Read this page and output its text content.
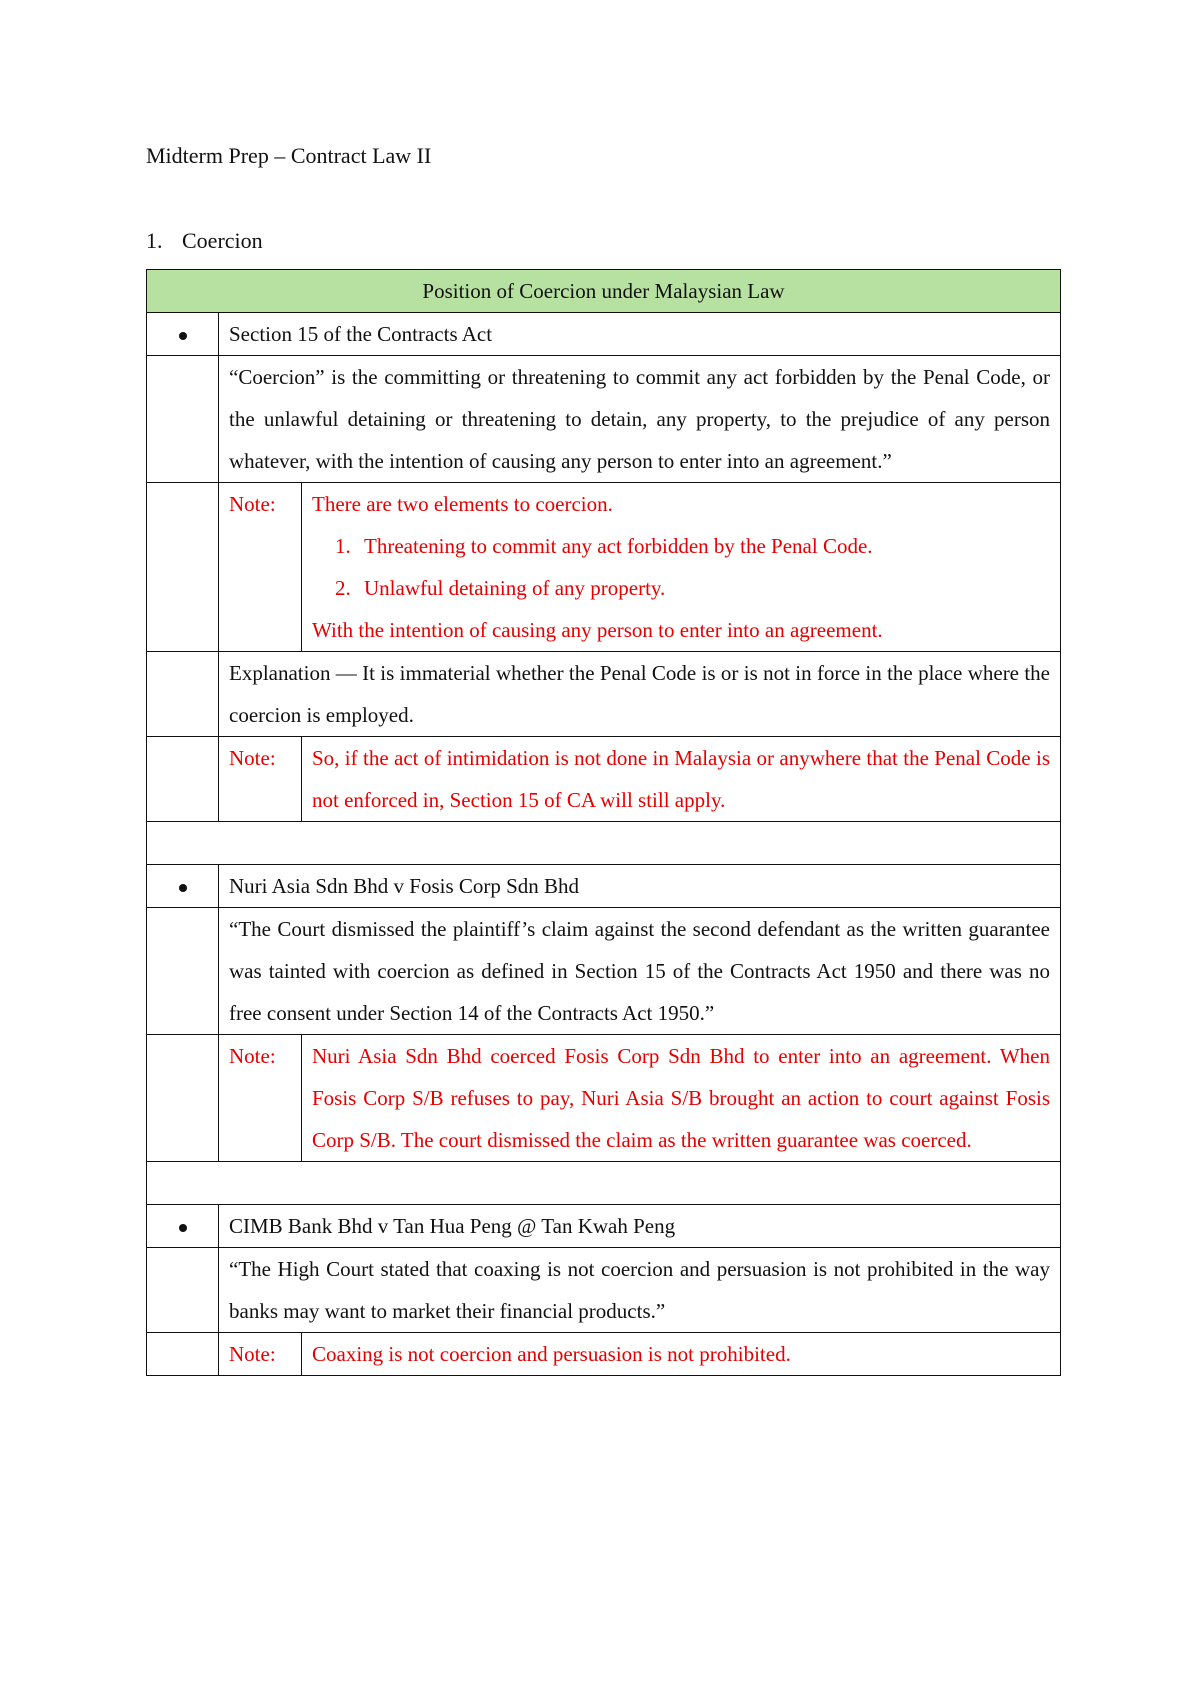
Midterm Prep – Contract Law II
1. Coercion
Position of Coercion under Malaysian Law
	Section 15 of the Contracts Act
	“Coercion” is the committing or threatening to commit any act forbidden by the Penal Code, or the unlawful detaining or threatening to detain, any property, to the prejudice of any person whatever, with the intention of causing any person to enter into an agreement.”

Note:	There are two elements to coercion.
1. Threatening to commit any act forbidden by the Penal Code.
2. Unlawful detaining of any property.
With the intention of causing any person to enter into an agreement.

	Explanation — It is immaterial whether the Penal Code is or is not in force in the place where the coercion is employed.

Note:	So, if the act of intimidation is not done in Malaysia or anywhere that the Penal Code is not enforced in, Section 15 of CA will still apply.

	Nuri Asia Sdn Bhd v Fosis Corp Sdn Bhd
	“The Court dismissed the plaintiff’s claim against the second defendant as the written guarantee was tainted with coercion as defined in Section 15 of the Contracts Act 1950 and there was no free consent under Section 14 of the Contracts Act 1950.”

Note:	Nuri Asia Sdn Bhd coerced Fosis Corp Sdn Bhd to enter into an agreement. When Fosis Corp S/B refuses to pay, Nuri Asia S/B brought an action to court against Fosis Corp S/B. The court dismissed the claim as the written guarantee was coerced.

	CIMB Bank Bhd v Tan Hua Peng @ Tan Kwah Peng
	“The High Court stated that coaxing is not coercion and persuasion is not prohibited in the way banks may want to market their financial products.”

Note:	Coaxing is not coercion and persuasion is not prohibited.
